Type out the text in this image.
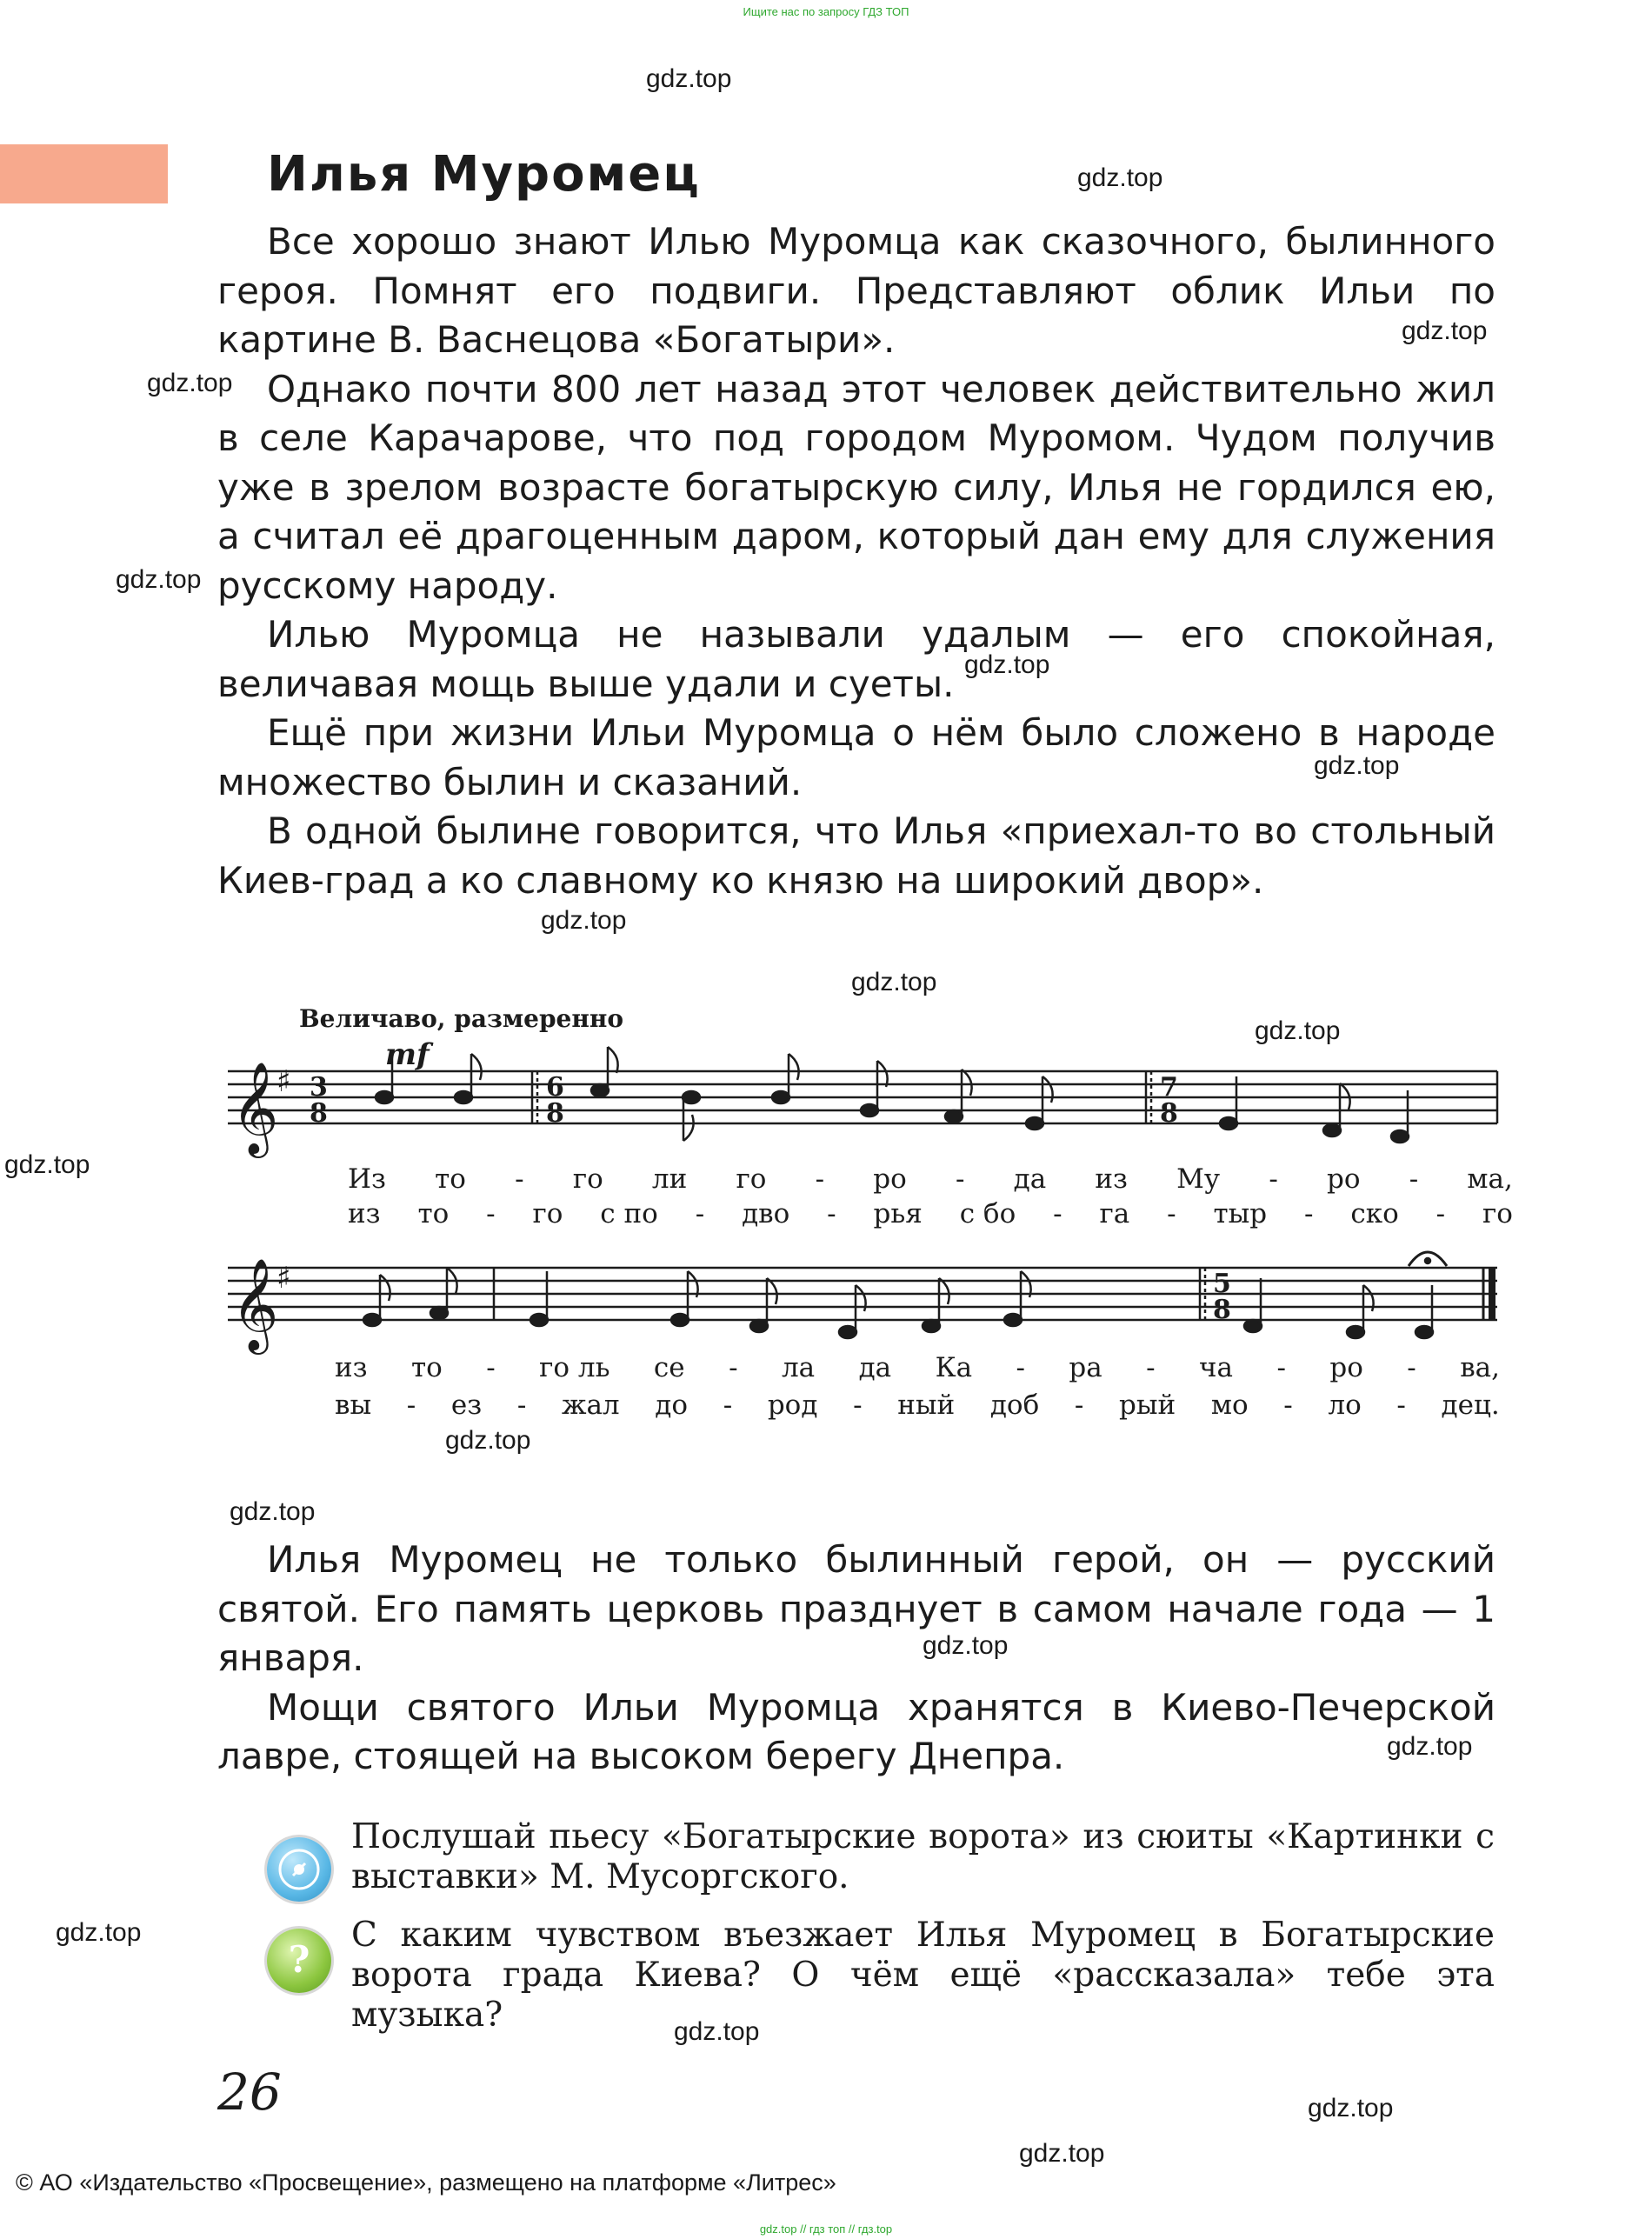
Ищите нас по запросу ГДЗ ТОП
gdz.top
gdz.top
gdz.top
gdz.top
gdz.top
gdz.top
gdz.top
gdz.top
gdz.top
gdz.top
gdz.top
gdz.top
gdz.top
gdz.top
gdz.top
gdz.top
gdz.top
gdz.top
gdz.top
Илья Муромец

Все хорошо знают Илью Муромца как сказочного, былинного героя. Помнят его подвиги. Представляют облик Ильи по картине В. Васнецова «Богатыри».

Однако почти 800 лет назад этот человек действительно жил в селе Карачарове, что под городом Муромом. Чудом получив уже в зрелом возрасте богатырскую силу, Илья не гордился ею, а считал её драгоценным даром, который дан ему для служения русскому народу.

Илью Муромца не называли удалым — его спокойная, величавая мощь выше удали и суеты.

Ещё при жизни Ильи Муромца о нём было сложено в народе множество былин и сказаний.

В одной былине говорится, что Илья «приехал-то во стольный Киев-град а ко славному ко князю на широкий двор».

Величаво, размеренно
mf
𝄞
𝄞
♯
♯
3
8
6
8
7
8
5
8
Из то - го ли го - ро - да из Му - ро - ма,
из то - го с по - дво - рья с бо - га - тыр - ско - го
из то - го ль се - ла да Ка - ра - ча - ро - ва,
вы - ез - жал до - род - ный доб - рый мо - ло - дец.

Илья Муромец не только былинный герой, он — русский святой. Его память церковь празднует в самом начале года — 1 января.

Мощи святого Ильи Муромца хранятся в Киево-Печерской лавре, стоящей на высоком берегу Днепра.

Послушай пьесу «Богатырские ворота» из сюиты «Картинки с выставки» М. Мусоргского.
?
С каким чувством въезжает Илья Муромец в Богатырские ворота града Киева? О чём ещё «рассказала» тебе эта музыка?
26
© АО «Издательство «Просвещение», размещено на платформе «Литрес»
gdz.top // гдз топ // гдз.top
